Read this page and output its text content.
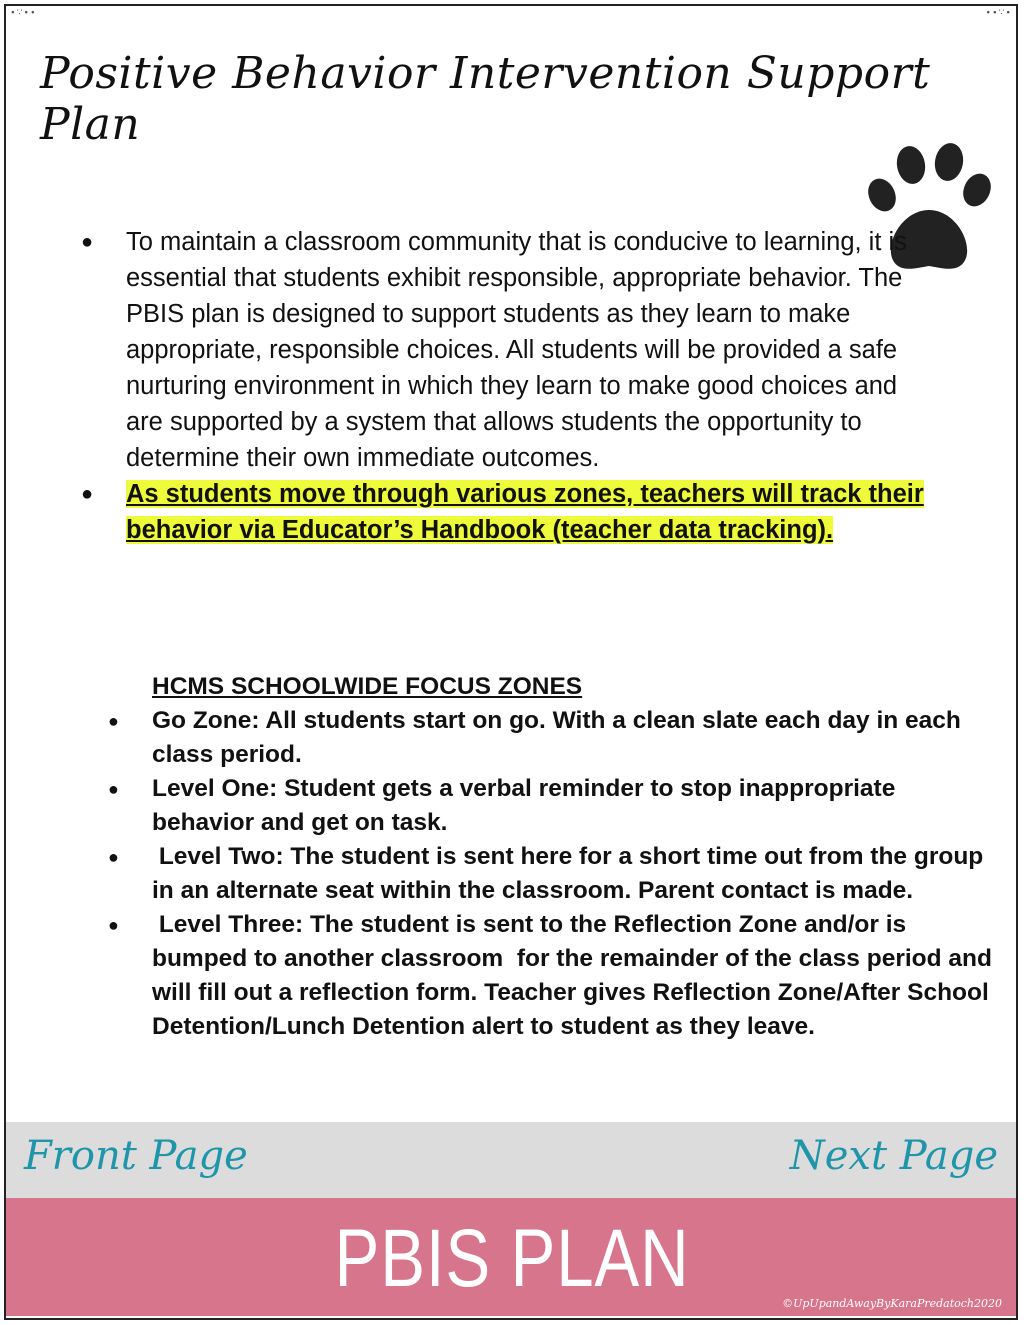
∙∵∙∙	∙∙∵∙
Positive Behavior Intervention Support Plan
● To maintain a classroom community that is conducive to learning, it is essential that students exhibit responsible, appropriate behavior. The PBIS plan is designed to support students as they learn to make appropriate, responsible choices. All students will be provided a safe nurturing environment in which they learn to make good choices and are supported by a system that allows students the opportunity to determine their own immediate outcomes.
● As students move through various zones, teachers will track their behavior via Educator’s Handbook (teacher data tracking).
HCMS SCHOOLWIDE FOCUS ZONES
● Go Zone: All students start on go. With a clean slate each day in each class period.
● Level One: Student gets a verbal reminder to stop inappropriate behavior and get on task.
● Level Two: The student is sent here for a short time out from the group in an alternate seat within the classroom. Parent contact is made.
● Level Three: The student is sent to the Reflection Zone and/or is bumped to another classroom  for the remainder of the class period and will fill out a reflection form. Teacher gives Reflection Zone/After School Detention/Lunch Detention alert to student as they leave.
Front Page	Next Page
PBIS PLAN	©UpUpandAwayByKaraPredatoch2020
